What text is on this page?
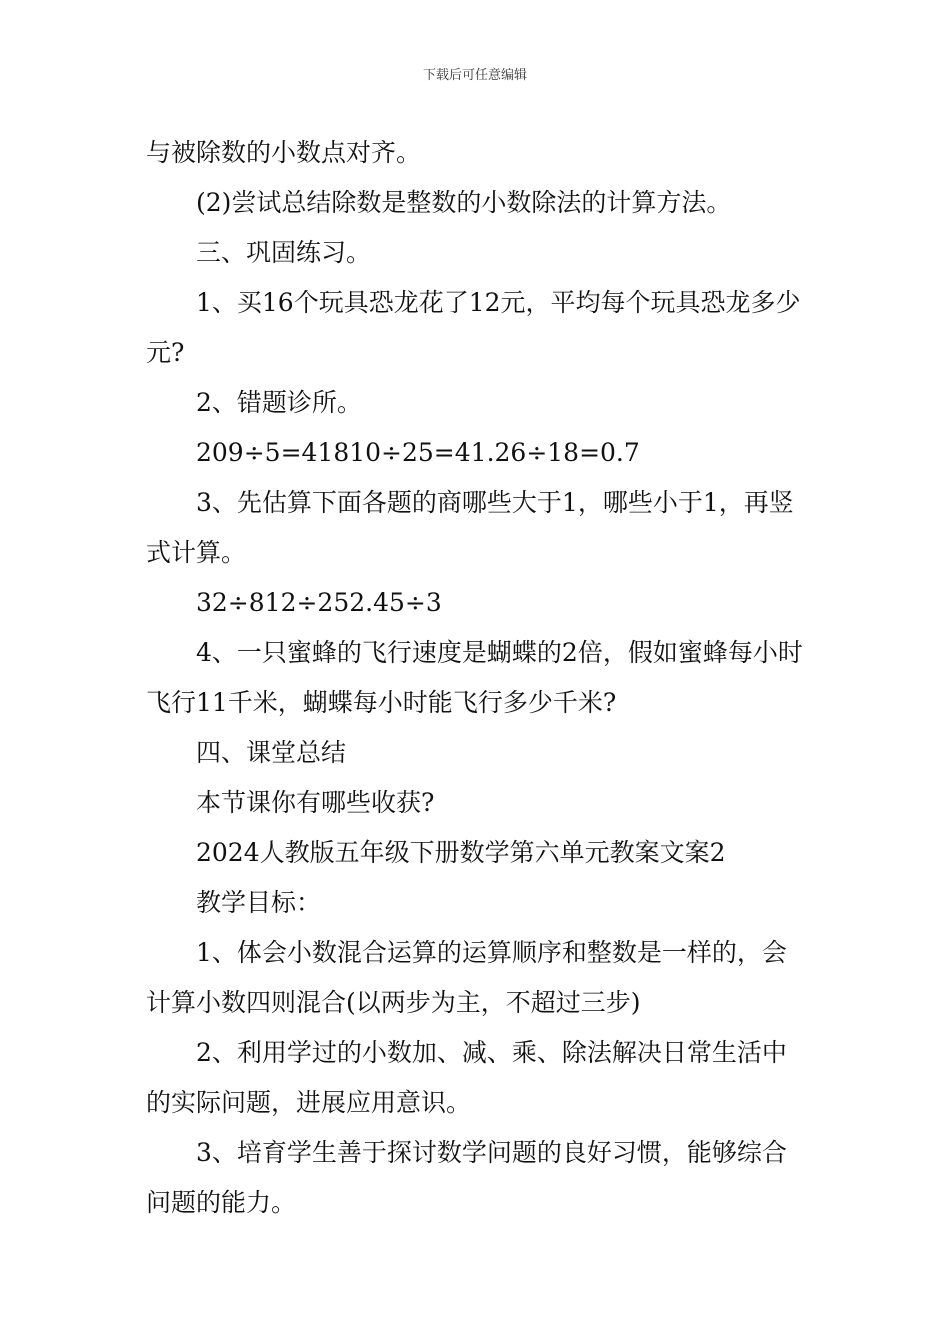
下载后可任意编辑

与被除数的小数点对齐。

(2)尝试总结除数是整数的小数除法的计算方法。

三、巩固练习。

1、买16个玩具恐龙花了12元，平均每个玩具恐龙多少元?

2、错题诊所。

209÷5=41810÷25=41.26÷18=0.7

3、先估算下面各题的商哪些大于1，哪些小于1，再竖式计算。

32÷812÷252.45÷3

4、一只蜜蜂的飞行速度是蝴蝶的2倍，假如蜜蜂每小时飞行11千米，蝴蝶每小时能飞行多少千米?

四、课堂总结

本节课你有哪些收获?

2024人教版五年级下册数学第六单元教案文案2

教学目标：

1、体会小数混合运算的运算顺序和整数是一样的，会计算小数四则混合(以两步为主，不超过三步)

2、利用学过的小数加、减、乘、除法解决日常生活中的实际问题，进展应用意识。

3、培育学生善于探讨数学问题的良好习惯，能够综合问题的能力。
